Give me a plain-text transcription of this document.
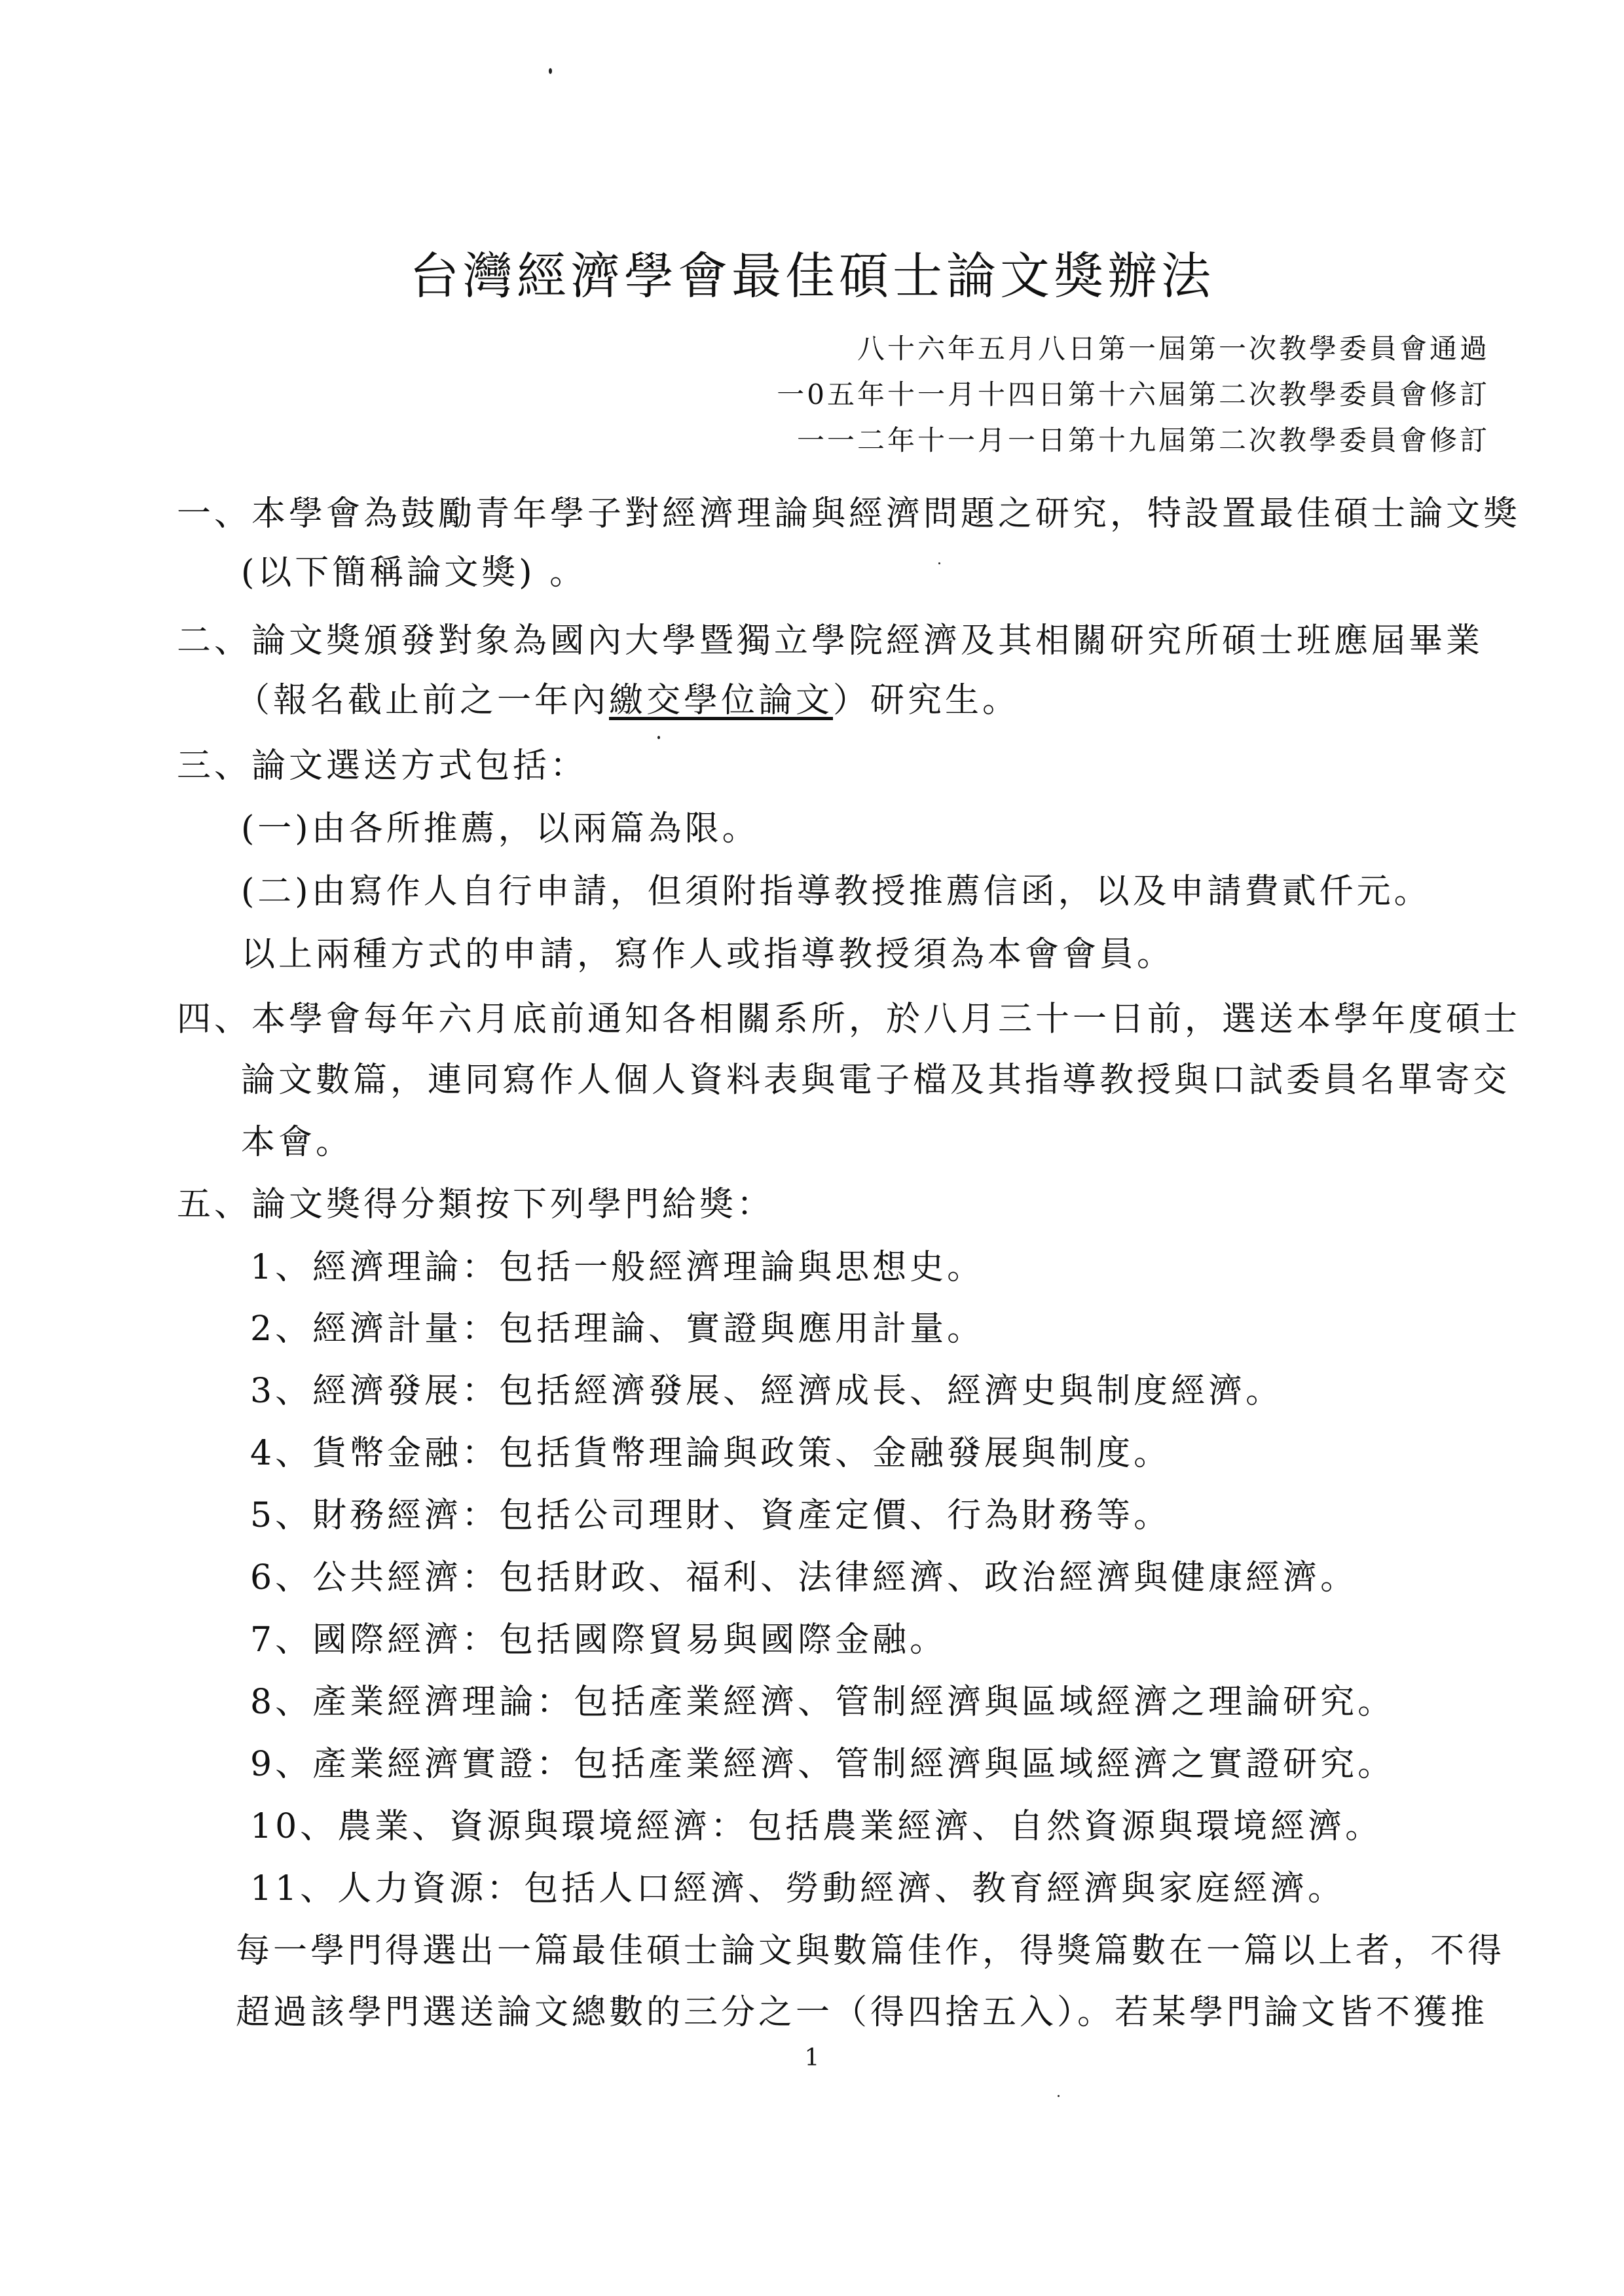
台灣經濟學會最佳碩士論文獎辦法
八十六年五月八日第一屆第一次教學委員會通過
一0五年十一月十四日第十六屆第二次教學委員會修訂
一一二年十一月一日第十九屆第二次教學委員會修訂
一、本學會為鼓勵青年學子對經濟理論與經濟問題之研究，特設置最佳碩士論文獎
(以下簡稱論文獎) 。
二、論文獎頒發對象為國內大學暨獨立學院經濟及其相關研究所碩士班應屆畢業
（報名截止前之一年內繳交學位論文）研究生。
三、論文選送方式包括：
(一)由各所推薦，以兩篇為限。
(二)由寫作人自行申請，但須附指導教授推薦信函，以及申請費貳仟元。
以上兩種方式的申請，寫作人或指導教授須為本會會員。
四、本學會每年六月底前通知各相關系所，於八月三十一日前，選送本學年度碩士
論文數篇，連同寫作人個人資料表與電子檔及其指導教授與口試委員名單寄交
本會。
五、論文獎得分類按下列學門給獎：
1、經濟理論：包括一般經濟理論與思想史。
2、經濟計量：包括理論、實證與應用計量。
3、經濟發展：包括經濟發展、經濟成長、經濟史與制度經濟。
4、貨幣金融：包括貨幣理論與政策、金融發展與制度。
5、財務經濟：包括公司理財、資產定價、行為財務等。
6、公共經濟：包括財政、福利、法律經濟、政治經濟與健康經濟。
7、國際經濟：包括國際貿易與國際金融。
8、產業經濟理論：包括產業經濟、管制經濟與區域經濟之理論研究。
9、產業經濟實證：包括產業經濟、管制經濟與區域經濟之實證研究。
10、農業、資源與環境經濟：包括農業經濟、自然資源與環境經濟。
11、人力資源：包括人口經濟、勞動經濟、教育經濟與家庭經濟。
每一學門得選出一篇最佳碩士論文與數篇佳作，得獎篇數在一篇以上者，不得
超過該學門選送論文總數的三分之一（得四捨五入）。若某學門論文皆不獲推
1
